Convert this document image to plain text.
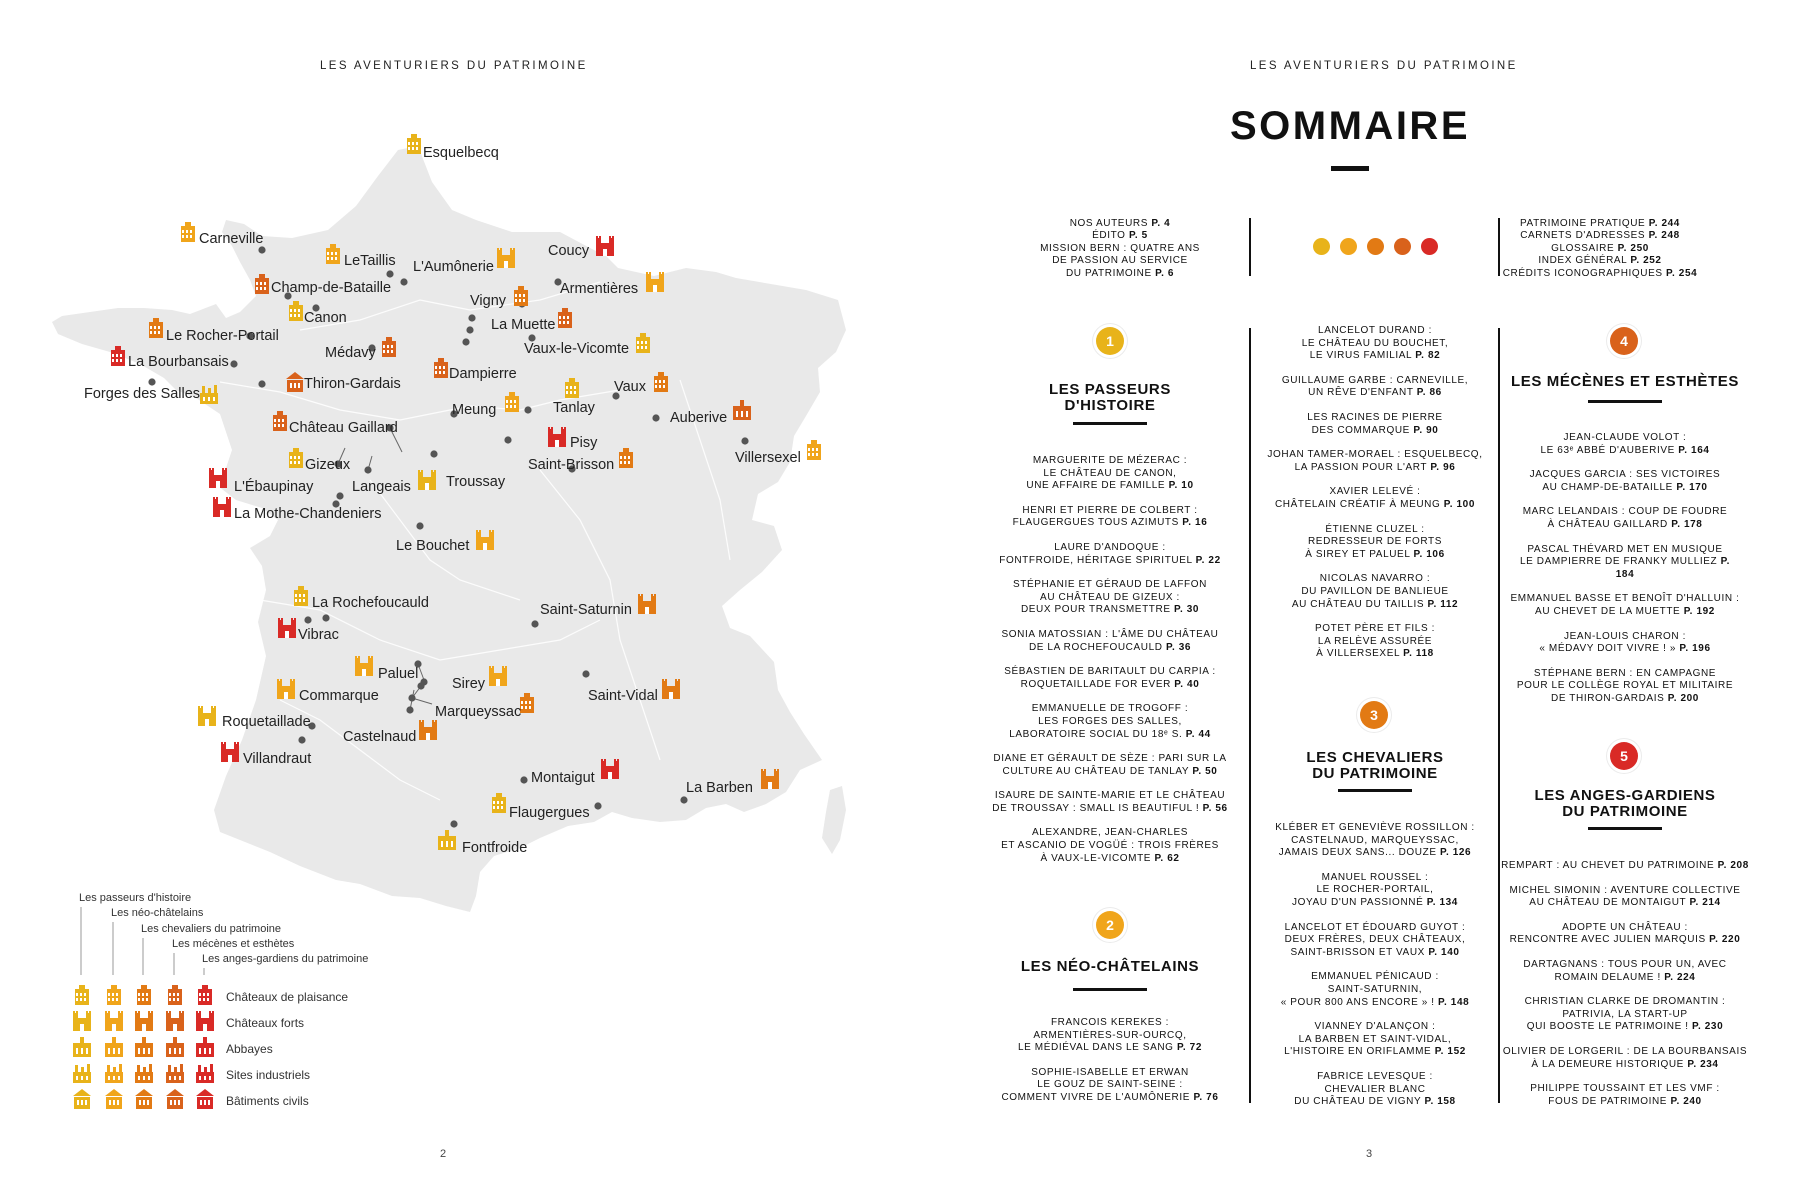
LES AVENTURIERS DU PATRIMOINE
Esquelbecq
Carneville
LeTaillis L'Aumônerie
Coucy
Champ-de-Bataille	Armentières
Canon
Vigny
La Muette
Le Rocher-Portail
Médavy	Vaux-le-Vicomte
La Bourbansais
Dampierre
Forges des Salles
Thiron-Gardais	Vaux
Tanlay
Meung	Auberive
Château Gaillard
Pisy
Villersexel
Gizeux	Saint-Brisson
L'Ébaupinay	Langeais Troussay
La Mothe-Chandeniers
Le Bouchet
La Rochefoucauld	Saint-Saturnin
Vibrac
Paluel
Sirey
Commarque	Saint-Vidal
Marqueyssac
Roquetaillade
Castelnaud
Villandraut
Montaigut
La Barben
Flaugergues
Fontfroide
Les passeurs d'histoire
Les néo-châtelains
Les chevaliers du patrimoine
Les mécènes et esthètes
Les anges-gardiens du patrimoine
Châteaux de plaisance
Châteaux forts
Abbayes
Sites industriels
Bâtiments civils
2
LES AVENTURIERS DU PATRIMOINE
SOMMAIRE
NOS AUTEURS P. 4
ÉDITO P. 5
MISSION BERN : QUATRE ANS
DE PASSION AU SERVICE
DU PATRIMOINE P. 6
PATRIMOINE PRATIQUE P. 244
CARNETS D'ADRESSES P. 248
GLOSSAIRE P. 250
INDEX GÉNÉRAL P. 252
CRÉDITS ICONOGRAPHIQUES P. 254
1
LES PASSEURS
D'HISTOIRE
MARGUERITE DE MÉZERAC :
LE CHÂTEAU DE CANON,
UNE AFFAIRE DE FAMILLE P. 10
HENRI ET PIERRE DE COLBERT :
FLAUGERGUES TOUS AZIMUTS P. 16
LAURE D'ANDOQUE :
FONTFROIDE, HÉRITAGE SPIRITUEL P. 22
STÉPHANIE ET GÉRAUD DE LAFFON
AU CHÂTEAU DE GIZEUX :
DEUX POUR TRANSMETTRE P. 30
SONIA MATOSSIAN : L'ÂME DU CHÂTEAU
DE LA ROCHEFOUCAULD P. 36
SÉBASTIEN DE BARITAULT DU CARPIA :
ROQUETAILLADE FOR EVER P. 40
EMMANUELLE DE TROGOFF :
LES FORGES DES SALLES,
LABORATOIRE SOCIAL DU 18ᵉ S. P. 44
DIANE ET GÉRAULT DE SÈZE : PARI SUR LA
CULTURE AU CHÂTEAU DE TANLAY P. 50
ISAURE DE SAINTE-MARIE ET LE CHÂTEAU
DE TROUSSAY : SMALL IS BEAUTIFUL ! P. 56
ALEXANDRE, JEAN-CHARLES
ET ASCANIO DE VOGÜÉ : TROIS FRÈRES
À VAUX-LE-VICOMTE P. 62
2
LES NÉO-CHÂTELAINS
FRANCOIS KEREKES :
ARMENTIÈRES-SUR-OURCQ,
LE MÉDIÉVAL DANS LE SANG P. 72
SOPHIE-ISABELLE ET ERWAN
LE GOUZ DE SAINT-SEINE :
COMMENT VIVRE DE L'AUMÔNERIE P. 76
LANCELOT DURAND :
LE CHÂTEAU DU BOUCHET,
LE VIRUS FAMILIAL P. 82
GUILLAUME GARBE : CARNEVILLE,
UN RÊVE D'ENFANT P. 86
LES RACINES DE PIERRE
DES COMMARQUE P. 90
JOHAN TAMER-MORAEL : ESQUELBECQ,
LA PASSION POUR L'ART P. 96
XAVIER LELEVÉ :
CHÂTELAIN CRÉATIF À MEUNG P. 100
ÉTIENNE CLUZEL :
REDRESSEUR DE FORTS
À SIREY ET PALUEL P. 106
NICOLAS NAVARRO :
DU PAVILLON DE BANLIEUE
AU CHÂTEAU DU TAILLIS P. 112
POTET PÈRE ET FILS :
LA RELÈVE ASSURÉE
À VILLERSEXEL P. 118
3
LES CHEVALIERS
DU PATRIMOINE
KLÉBER ET GENEVIÈVE ROSSILLON :
CASTELNAUD, MARQUEYSSAC,
JAMAIS DEUX SANS... DOUZE P. 126
MANUEL ROUSSEL :
LE ROCHER-PORTAIL,
JOYAU D'UN PASSIONNÉ P. 134
LANCELOT ET ÉDOUARD GUYOT :
DEUX FRÈRES, DEUX CHÂTEAUX,
SAINT-BRISSON ET VAUX P. 140
EMMANUEL PÉNICAUD :
SAINT-SATURNIN,
« POUR 800 ANS ENCORE » ! P. 148
VIANNEY D'ALANÇON :
LA BARBEN ET SAINT-VIDAL,
L'HISTOIRE EN ORIFLAMME P. 152
FABRICE LEVESQUE :
CHEVALIER BLANC
DU CHÂTEAU DE VIGNY P. 158
4
LES MÉCÈNES ET ESTHÈTES
JEAN-CLAUDE VOLOT :
LE 63ᵉ ABBÉ D'AUBERIVE P. 164
JACQUES GARCIA : SES VICTOIRES
AU CHAMP-DE-BATAILLE P. 170
MARC LELANDAIS : COUP DE FOUDRE
À CHÂTEAU GAILLARD P. 178
PASCAL THÉVARD MET EN MUSIQUE
LE DAMPIERRE DE FRANKY MULLIEZ P. 184
EMMANUEL BASSE ET BENOÎT D'HALLUIN :
AU CHEVET DE LA MUETTE P. 192
JEAN-LOUIS CHARON :
« MÉDAVY DOIT VIVRE ! » P. 196
STÉPHANE BERN : EN CAMPAGNE
POUR LE COLLÈGE ROYAL ET MILITAIRE
DE THIRON-GARDAIS P. 200
5
LES ANGES-GARDIENS
DU PATRIMOINE
REMPART : AU CHEVET DU PATRIMOINE P. 208
MICHEL SIMONIN : AVENTURE COLLECTIVE
AU CHÂTEAU DE MONTAIGUT P. 214
ADOPTE UN CHÂTEAU :
RENCONTRE AVEC JULIEN MARQUIS P. 220
DARTAGNANS : TOUS POUR UN, AVEC
ROMAIN DELAUME ! P. 224
CHRISTIAN CLARKE DE DROMANTIN :
PATRIVIA, LA START-UP
QUI BOOSTE LE PATRIMOINE ! P. 230
OLIVIER DE LORGERIL : DE LA BOURBANSAIS
À LA DEMEURE HISTORIQUE P. 234
PHILIPPE TOUSSAINT ET LES VMF :
FOUS DE PATRIMOINE P. 240
3
